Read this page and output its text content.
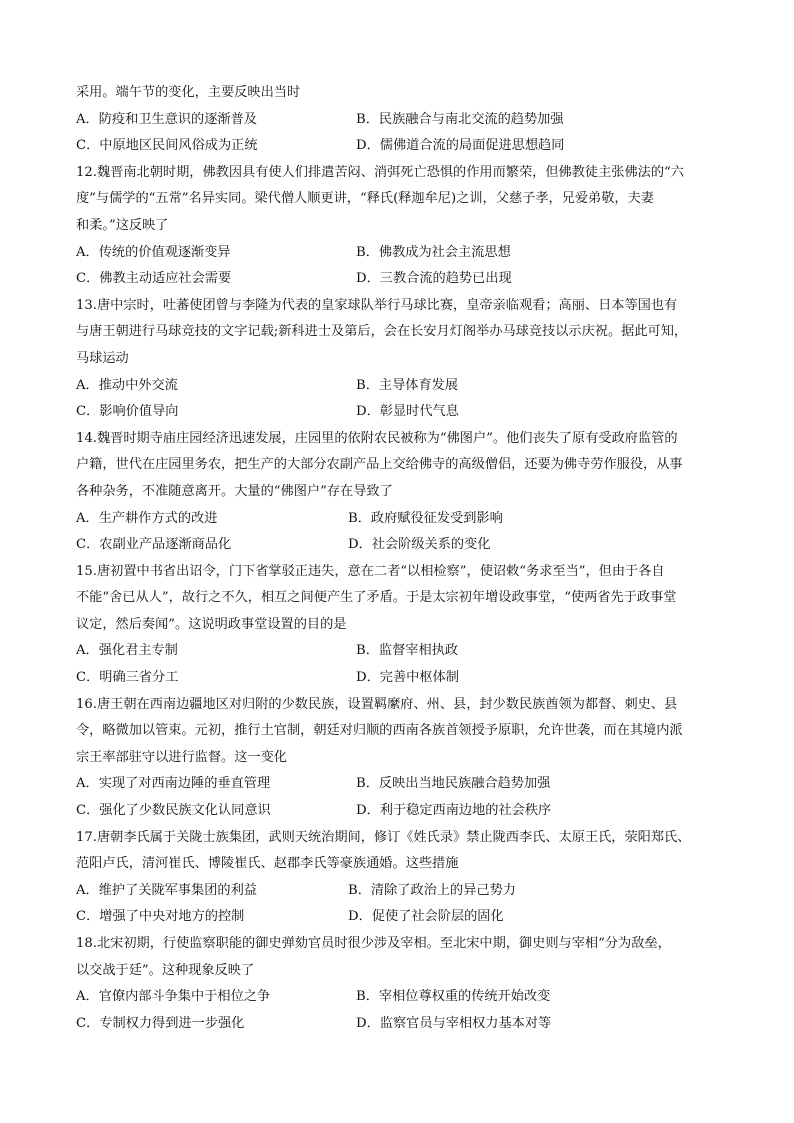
采用。端午节的变化，主要反映出当时
A．防疫和卫生意识的逐渐普及	B．民族融合与南北交流的趋势加强
C．中原地区民间风俗成为正统	D．儒佛道合流的局面促进思想趋同
12.魏晋南北朝时期，佛教因具有使人们排遣苦闷、消弭死亡恐惧的作用而繁荣，但佛教徒主张佛法的“六
度”与儒学的“五常”名异实同。梁代僧人顺更讲，“释氏(释迦牟尼)之训，父慈子孝，兄爱弟敬，夫妻
和柔。”这反映了
A．传统的价值观逐渐变异	B．佛教成为社会主流思想
C．佛教主动适应社会需要	D．三教合流的趋势已出现
13.唐中宗时，吐蕃使团曾与李隆为代表的皇家球队举行马球比赛，皇帝亲临观看；高丽、日本等国也有
与唐王朝进行马球竞技的文字记载;新科进士及第后，会在长安月灯阁举办马球竞技以示庆祝。据此可知，
马球运动
A．推动中外交流	B．主导体育发展
C．影响价值导向	D．彰显时代气息
14.魏晋时期寺庙庄园经济迅速发展，庄园里的依附农民被称为“佛图户”。他们丧失了原有受政府监管的
户籍，世代在庄园里务农，把生产的大部分农副产品上交给佛寺的高级僧侣，还要为佛寺劳作服役，从事
各种杂务，不准随意离开。大量的“佛图户”存在导致了
A．生产耕作方式的改进	B．政府赋役征发受到影响
C．农副业产品逐渐商品化	D．社会阶级关系的变化
15.唐初置中书省出诏令，门下省掌驳正违失，意在二者“以相检察”，使诏敕“务求至当”，但由于各自
不能“舍已从人”，故行之不久，相互之间便产生了矛盾。于是太宗初年增设政事堂，“使两省先于政事堂
议定，然后奏闻”。这说明政事堂设置的目的是
A．强化君主专制	B．监督宰相执政
C．明确三省分工	D．完善中枢体制
16.唐王朝在西南边疆地区对归附的少数民族，设置羁縻府、州、县，封少数民族酋领为都督、刺史、县
令，略微加以管束。元初，推行土官制，朝廷对归顺的西南各族首领授予原职，允许世袭，而在其境内派
宗王率部驻守以进行监督。这一变化
A．实现了对西南边陲的垂直管理	B．反映出当地民族融合趋势加强
C．强化了少数民族文化认同意识	D．利于稳定西南边地的社会秩序
17.唐朝李氏属于关陇士族集团，武则天统治期间，修订《姓氏录》禁止陇西李氏、太原王氏，荥阳郑氏、
范阳卢氏，清河崔氏、博陵崔氏、赵郡李氏等豪族通婚。这些措施
A．维护了关陇军事集团的利益	B．清除了政治上的异己势力
C．增强了中央对地方的控制	D．促使了社会阶层的固化
18.北宋初期，行使监察职能的御史弹劾官员时很少涉及宰相。至北宋中期，御史则与宰相“分为敌垒，
以交战于廷”。这种现象反映了
A．官僚内部斗争集中于相位之争	B．宰相位尊权重的传统开始改变
C．专制权力得到进一步强化	D．监察官员与宰相权力基本对等
